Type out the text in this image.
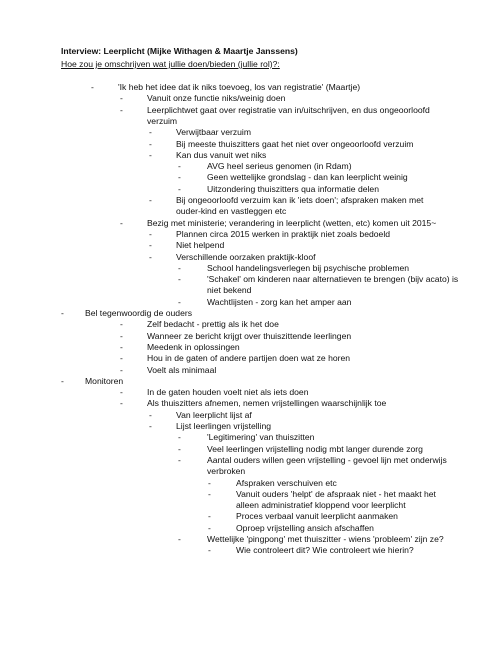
Interview: Leerplicht (Mijke Withagen & Maartje Janssens)
Hoe zou je omschrijven wat jullie doen/bieden (jullie rol)?:
-	'Ik heb het idee dat ik niks toevoeg, los van registratie' (Maartje)
-	Vanuit onze functie niks/weinig doen
-	Leerplichtwet gaat over registratie van in/uitschrijven, en dus ongeoorloofd
verzuim
-	Verwijtbaar verzuim
-	Bij meeste thuiszitters gaat het niet over ongeoorloofd verzuim
-	Kan dus vanuit wet niks
-	AVG heel serieus genomen (in Rdam)
-	Geen wettelijke grondslag - dan kan leerplicht weinig
-	Uitzondering thuiszitters qua informatie delen
-	Bij ongeoorloofd verzuim kan ik 'iets doen'; afspraken maken met
ouder-kind en vastleggen etc
-	Bezig met ministerie; verandering in leerplicht (wetten, etc) komen uit 2015~
-	Plannen circa 2015 werken in praktijk niet zoals bedoeld
-	Niet helpend
-	Verschillende oorzaken praktijk-kloof
-	School handelingsverlegen bij psychische problemen
-	'Schakel' om kinderen naar alternatieven te brengen (bijv acato) is
niet bekend
-	Wachtlijsten - zorg kan het amper aan
- Bel tegenwoordig de ouders
-	Zelf bedacht - prettig als ik het doe
-	Wanneer ze bericht krijgt over thuiszittende leerlingen
-	Meedenk in oplossingen
-	Hou in de gaten of andere partijen doen wat ze horen
-	Voelt als minimaal
- Monitoren
-	In de gaten houden voelt niet als iets doen
-	Als thuiszitters afnemen, nemen vrijstellingen waarschijnlijk toe
-	Van leerplicht lijst af
-	Lijst leerlingen vrijstelling
-	'Legitimering' van thuiszitten
-	Veel leerlingen vrijstelling nodig mbt langer durende zorg
-	Aantal ouders willen geen vrijstelling - gevoel lijn met onderwijs
verbroken
-	Afspraken verschuiven etc
-	Vanuit ouders 'helpt' de afspraak niet - het maakt het
alleen administratief kloppend voor leerplicht
-	Proces verbaal vanuit leerplicht aanmaken
-	Oproep vrijstelling ansich afschaffen
-	Wettelijke 'pingpong' met thuiszitter - wiens 'probleem' zijn ze?
-	Wie controleert dit? Wie controleert wie hierin?
